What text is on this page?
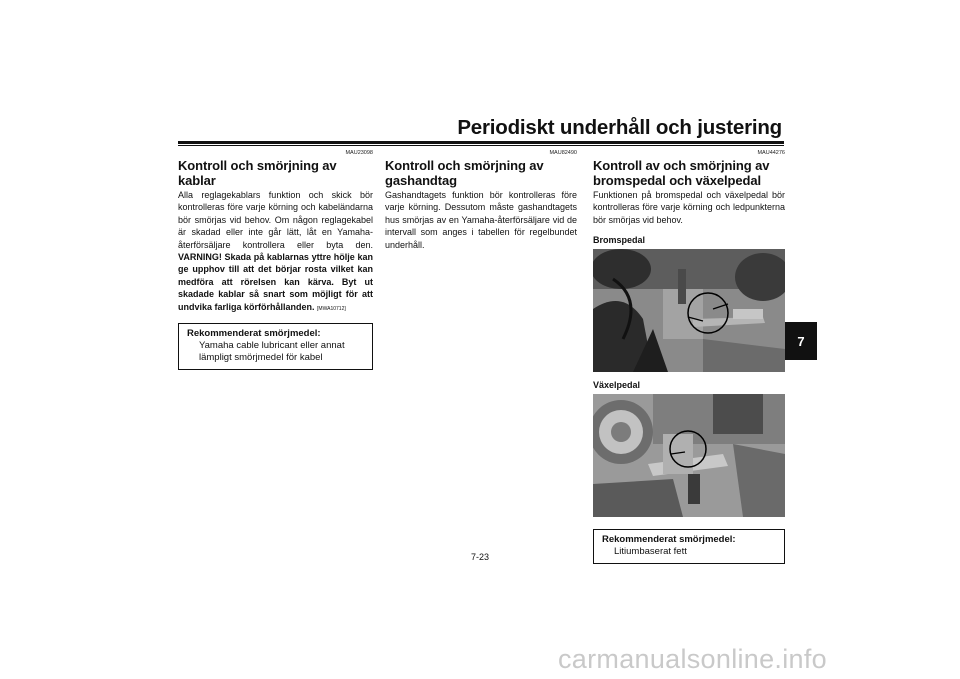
Periodiskt underhåll och justering
7
MAU23098
Kontroll och smörjning av kablar
Alla reglagekablars funktion och skick bör kontrolleras före varje körning och kabeländarna bör smörjas vid behov. Om någon reglagekabel är skadad eller inte går lätt, låt en Yamaha-återförsäljare kontrollera eller byta den. VARNING! Skada på kablarnas yttre hölje kan ge upphov till att det börjar rosta vilket kan medföra att rörelsen kan kärva. Byt ut skadade kablar så snart som möjligt för att undvika farliga körförhållanden. [MWA10712]
Rekommenderat smörjmedel:
Yamaha cable lubricant eller annat lämpligt smörjmedel för kabel
MAU82490
Kontroll och smörjning av gashandtag
Gashandtagets funktion bör kontrolleras före varje körning. Dessutom måste gashandtagets hus smörjas av en Yamaha-återförsäljare vid de intervall som anges i tabellen för regelbundet underhåll.
MAU44276
Kontroll av och smörjning av bromspedal och växelpedal
Funktionen på bromspedal och växelpedal bör kontrolleras före varje körning och ledpunkterna bör smörjas vid behov.
Bromspedal
Växelpedal
Rekommenderat smörjmedel:
Litiumbaserat fett
7-23
carmanualsonline.info
